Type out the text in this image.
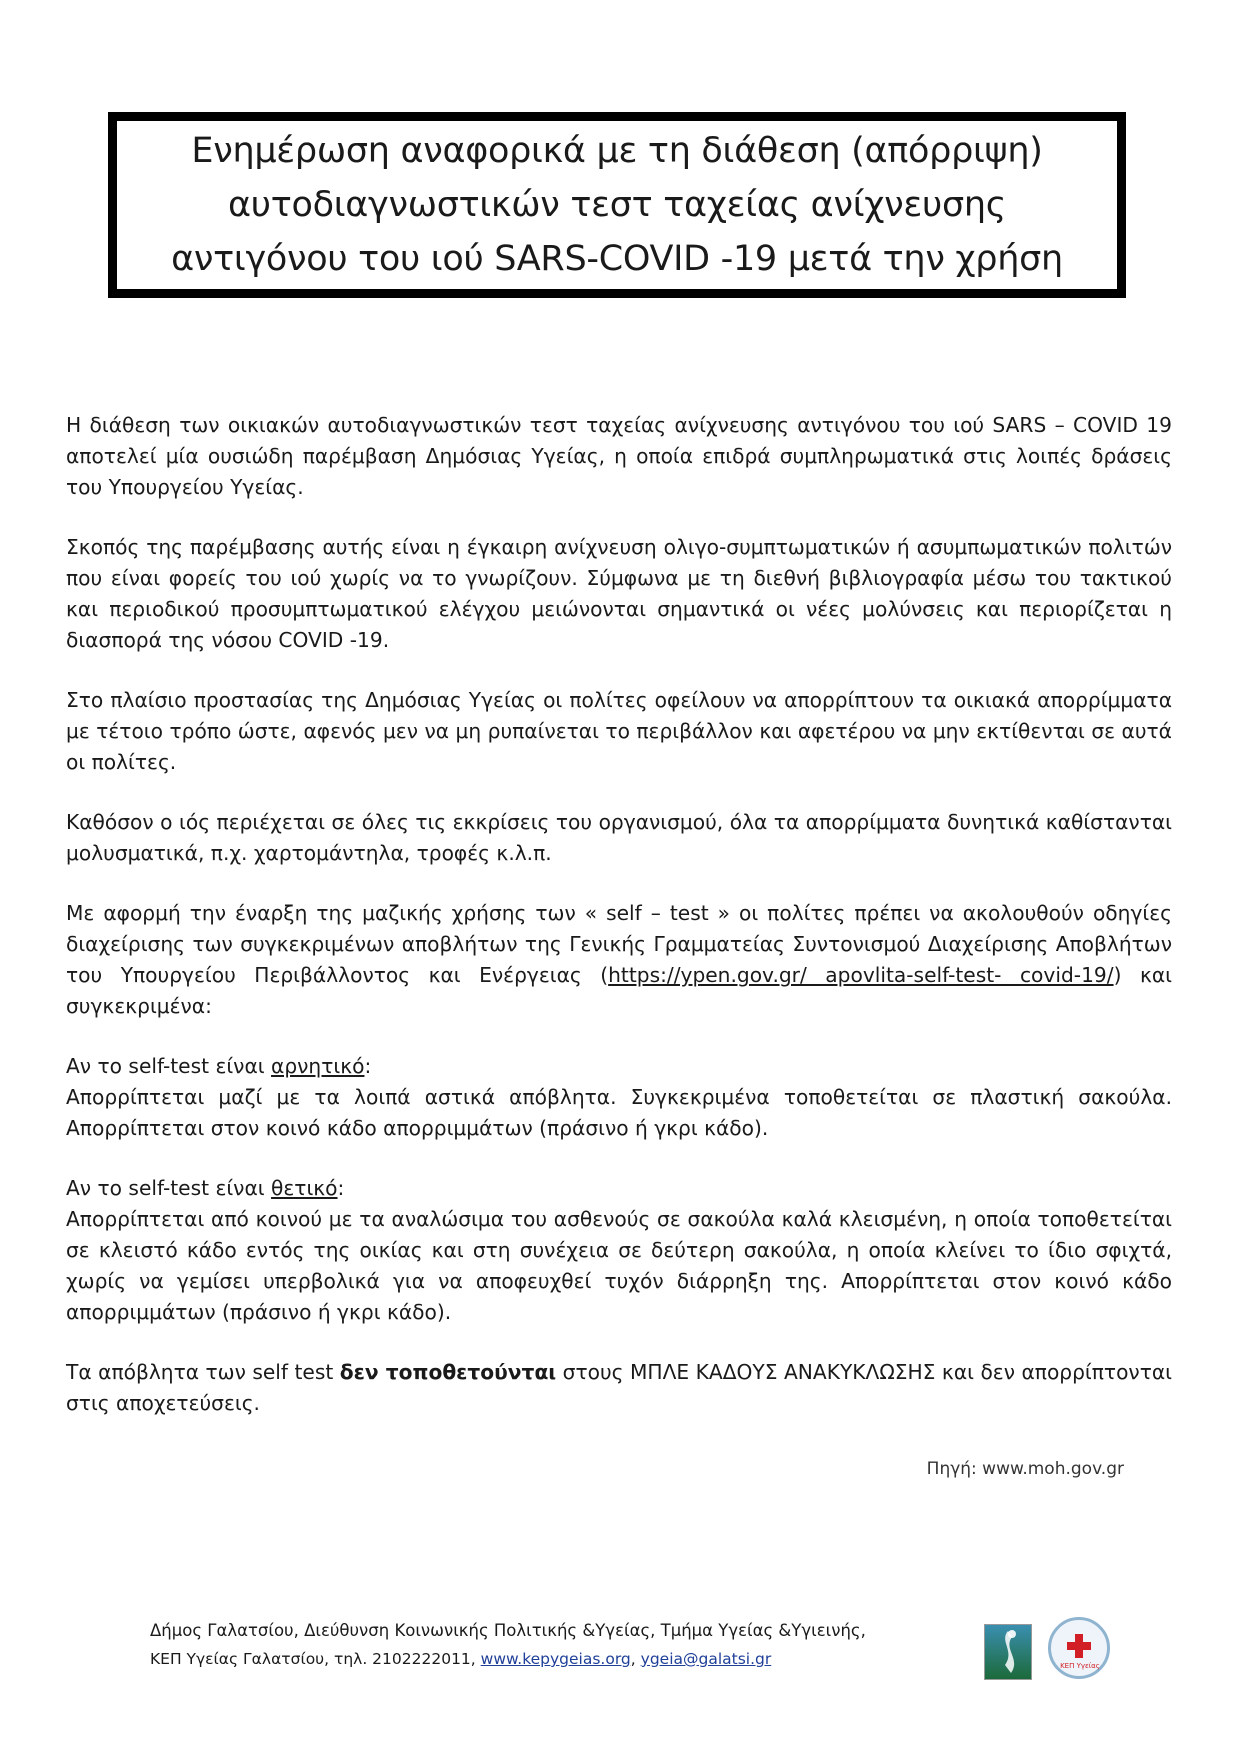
Ενημέρωση αναφορικά με τη διάθεση (απόρριψη)
αυτοδιαγνωστικών τεστ ταχείας ανίχνευσης
αντιγόνου του ιού SARS-COVID -19 μετά την χρήση

Η διάθεση των οικιακών αυτοδιαγνωστικών τεστ ταχείας ανίχνευσης αντιγόνου του ιού SARS – COVID 19 αποτελεί μία ουσιώδη παρέμβαση Δημόσιας Υγείας, η οποία επιδρά συμπληρωματικά στις λοιπές δράσεις του Υπουργείου Υγείας.

Σκοπός της παρέμβασης αυτής είναι η έγκαιρη ανίχνευση ολιγο-συμπτωματικών ή ασυμπωματικών πολιτών που είναι φορείς του ιού χωρίς να το γνωρίζουν. Σύμφωνα με τη διεθνή βιβλιογραφία μέσω του τακτικού και περιοδικού προσυμπτωματικού ελέγχου μειώνονται σημαντικά οι νέες μολύνσεις και περιορίζεται η διασπορά της νόσου COVID -19.

Στο πλαίσιο προστασίας της Δημόσιας Υγείας οι πολίτες οφείλουν να απορρίπτουν τα οικιακά απορρίμματα με τέτοιο τρόπο ώστε, αφενός μεν να μη ρυπαίνεται το περιβάλλον και αφετέρου να μην εκτίθενται σε αυτά οι πολίτες.

Καθόσον ο ιός περιέχεται σε όλες τις εκκρίσεις του οργανισμού, όλα τα απορρίμματα δυνητικά καθίστανται μολυσματικά, π.χ. χαρτομάντηλα, τροφές κ.λ.π.

Με αφορμή την έναρξη της μαζικής χρήσης των « self – test » οι πολίτες πρέπει να ακολουθούν οδηγίες διαχείρισης των συγκεκριμένων αποβλήτων της Γενικής Γραμματείας Συντονισμού Διαχείρισης Αποβλήτων του Υπουργείου Περιβάλλοντος και Ενέργειας (https://ypen.gov.gr/ apovlita-self-test- covid-19/) και συγκεκριμένα:

Αν το self-test είναι αρνητικό:

Απορρίπτεται μαζί με τα λοιπά αστικά απόβλητα. Συγκεκριμένα τοποθετείται σε πλαστική σακούλα. Απορρίπτεται στον κοινό κάδο απορριμμάτων (πράσινο ή γκρι κάδο).

Αν το self-test είναι θετικό:

Απορρίπτεται από κοινού με τα αναλώσιμα του ασθενούς σε σακούλα καλά κλεισμένη, η οποία τοποθετείται σε κλειστό κάδο εντός της οικίας και στη συνέχεια σε δεύτερη σακούλα, η οποία κλείνει το ίδιο σφιχτά, χωρίς να γεμίσει υπερβολικά για να αποφευχθεί τυχόν διάρρηξη της. Απορρίπτεται στον κοινό κάδο απορριμμάτων (πράσινο ή γκρι κάδο).

Τα απόβλητα των self test δεν τοποθετούνται στους ΜΠΛΕ ΚΑΔΟΥΣ ΑΝΑΚΥΚΛΩΣΗΣ και δεν απορρίπτονται στις αποχετεύσεις.

Πηγή: www.moh.gov.gr
Δήμος Γαλατσίου, Διεύθυνση Κοινωνικής Πολιτικής &Υγείας, Τμήμα Υγείας &Υγιεινής,
ΚΕΠ Υγείας Γαλατσίου, τηλ. 2102222011, www.kepygeias.org, ygeia@galatsi.gr	ΚΕΠ Υγείας
